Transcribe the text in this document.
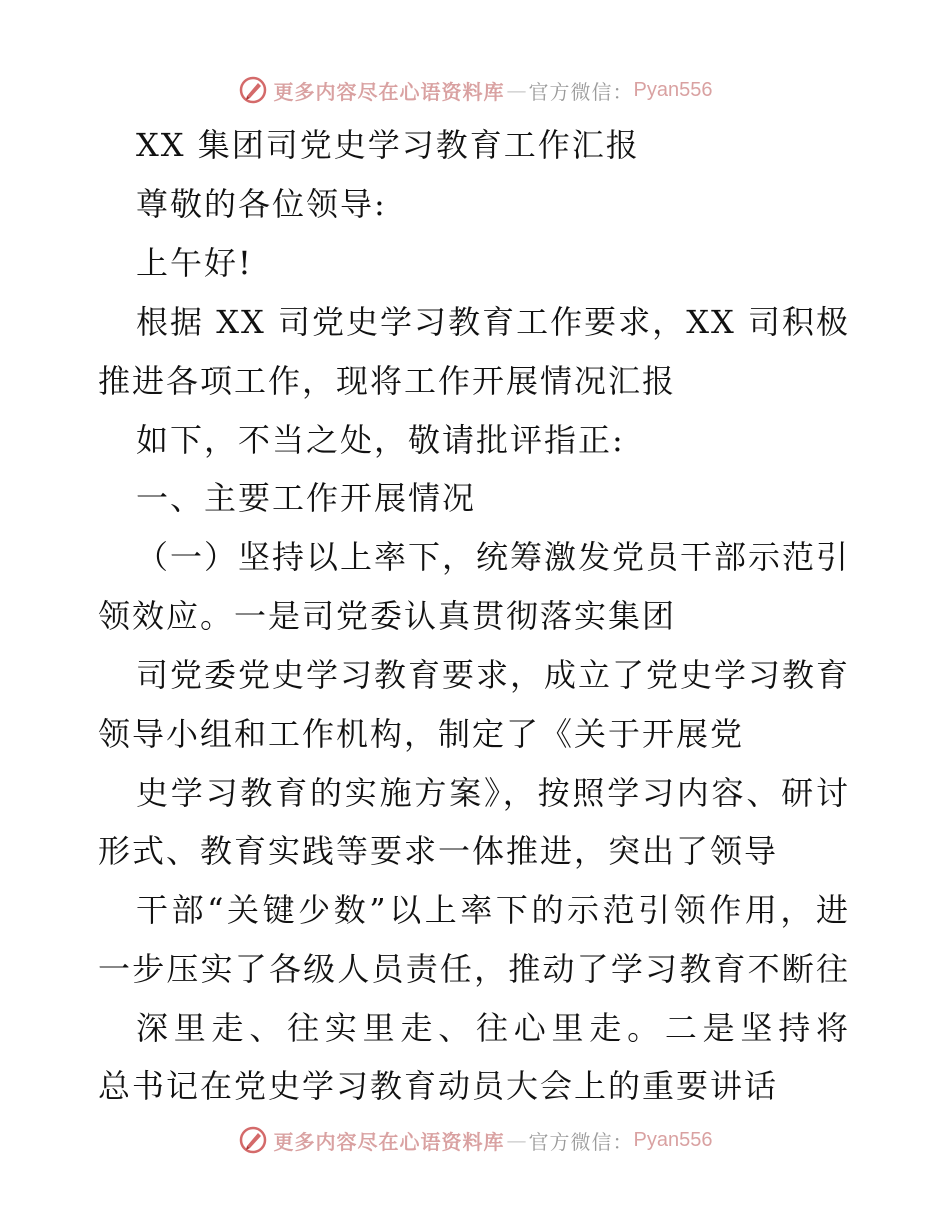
更多内容尽在心语资料库 — 官方微信： Pyan556
XX 集团司党史学习教育工作汇报
尊敬的各位领导:
上午好!
根据 XX 司党史学习教育工作要求，XX 司积极
推进各项工作，现将工作开展情况汇报
如下，不当之处，敬请批评指正:
一、主要工作开展情况
（一）坚持以上率下，统筹激发党员干部示范引
领效应。一是司党委认真贯彻落实集团
司党委党史学习教育要求，成立了党史学习教育
领导小组和工作机构，制定了《关于开展党
史学习教育的实施方案》，按照学习内容、研讨
形式、教育实践等要求一体推进，突出了领导
干部“关键少数”以上率下的示范引领作用，进
一步压实了各级人员责任，推动了学习教育不断往
深里走、往实里走、往心里走。二是坚持将
总书记在党史学习教育动员大会上的重要讲话
更多内容尽在心语资料库 — 官方微信： Pyan556
